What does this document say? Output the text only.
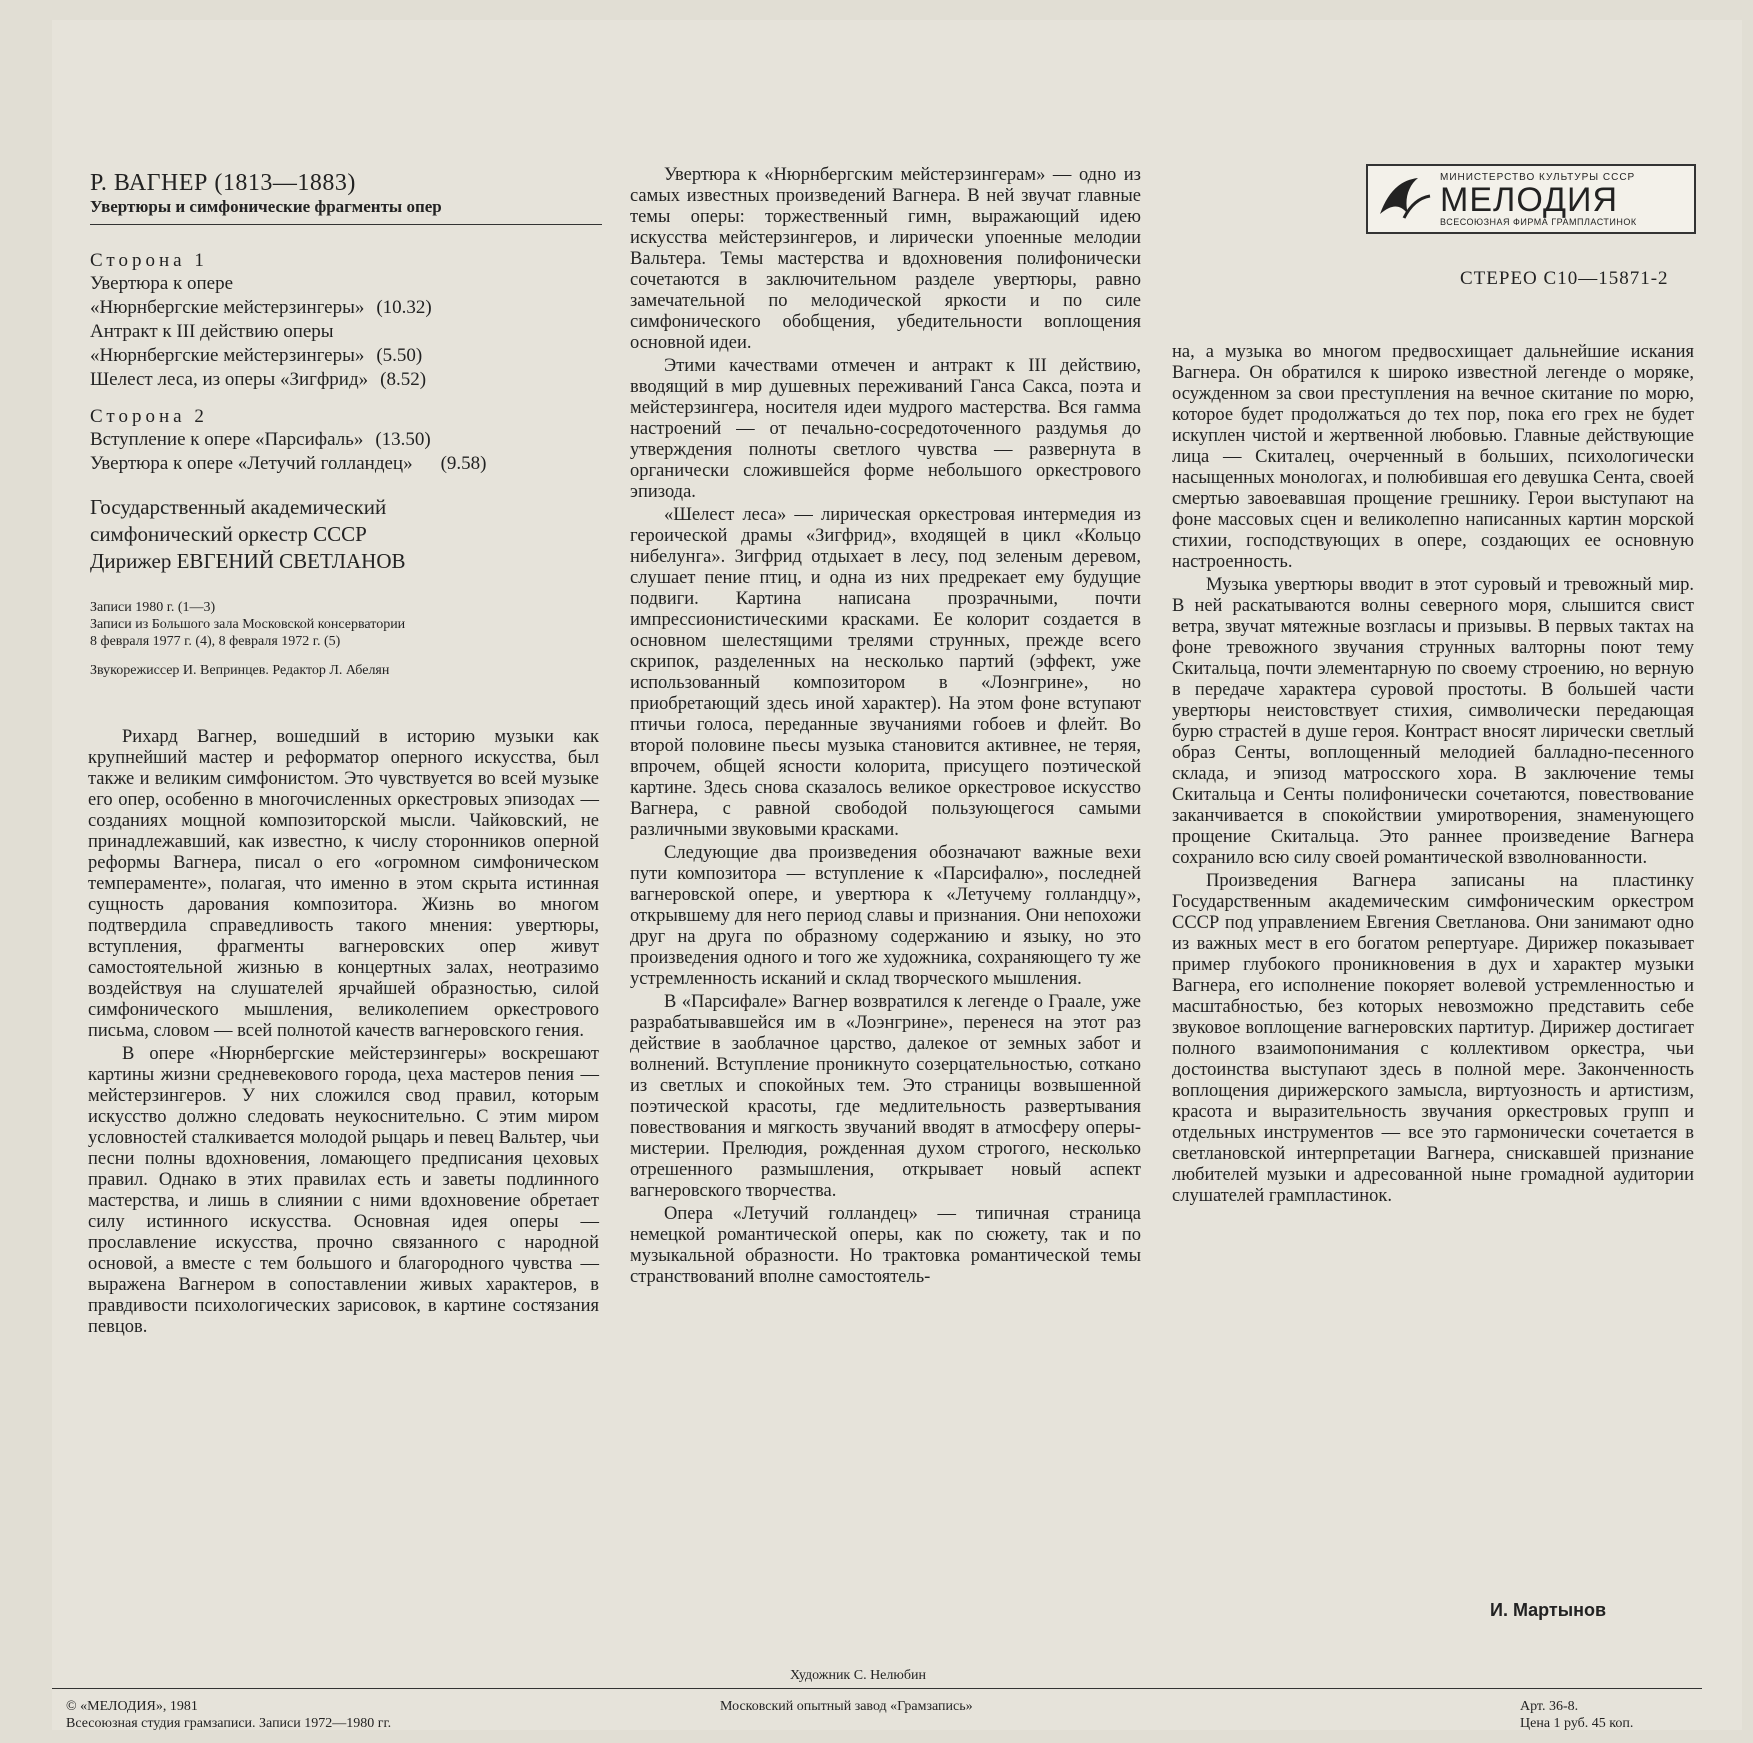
Р. ВАГНЕР (1813—1883)
Увертюры и симфонические фрагменты опер
Сторона 1
Увертюра к опере
«Нюрнбергские мейстерзингеры» (10.32)
Антракт к III действию оперы
«Нюрнбергские мейстерзингеры» (5.50)
Шелест леса, из оперы «Зигфрид» (8.52)
Сторона 2
Вступление к опере «Парсифаль» (13.50)
Увертюра к опере «Летучий голландец» (9.58)
Государственный академический
симфонический оркестр СССР
Дирижер ЕВГЕНИЙ СВЕТЛАНОВ
Записи 1980 г. (1—3)
Записи из Большого зала Московской консерватории
8 февраля 1977 г. (4), 8 февраля 1972 г. (5)
Звукорежиссер И. Вепринцев. Редактор Л. Абелян

Рихард Вагнер, вошедший в историю музыки как крупнейший мастер и реформатор оперного искусства, был также и великим симфонистом. Это чувствуется во всей музыке его опер, особенно в многочисленных оркестровых эпизодах — созданиях мощной композиторской мысли. Чайковский, не принадлежавший, как известно, к числу сторонников оперной реформы Вагнера, писал о его «огромном симфоническом темпераменте», полагая, что именно в этом скрыта истинная сущность дарования композитора. Жизнь во многом подтвердила справедливость такого мнения: увертюры, вступления, фрагменты вагнеровских опер живут самостоятельной жизнью в концертных залах, неотразимо воздействуя на слушателей ярчайшей образностью, силой симфонического мышления, великолепием оркестрового письма, словом — всей полнотой качеств вагнеровского гения.

В опере «Нюрнбергские мейстерзингеры» воскрешают картины жизни средневекового города, цеха мастеров пения — мейстерзингеров. У них сложился свод правил, которым искусство должно следовать неукоснительно. С этим миром условностей сталкивается молодой рыцарь и певец Вальтер, чьи песни полны вдохновения, ломающего предписания цеховых правил. Однако в этих правилах есть и заветы подлинного мастерства, и лишь в слиянии с ними вдохновение обретает силу истинного искусства. Основная идея оперы — прославление искусства, прочно связанного с народной основой, а вместе с тем большого и благородного чувства — выражена Вагнером в сопоставлении живых характеров, в правдивости психологических зарисовок, в картине состязания певцов.

Увертюра к «Нюрнбергским мейстерзингерам» — одно из самых известных произведений Вагнера. В ней звучат главные темы оперы: торжественный гимн, выражающий идею искусства мейстерзингеров, и лирически упоенные мелодии Вальтера. Темы мастерства и вдохновения полифонически сочетаются в заключительном разделе увертюры, равно замечательной по мелодической яркости и по силе симфонического обобщения, убедительности воплощения основной идеи.

Этими качествами отмечен и антракт к III действию, вводящий в мир душевных переживаний Ганса Сакса, поэта и мейстерзингера, носителя идеи мудрого мастерства. Вся гамма настроений — от печально-сосредоточенного раздумья до утверждения полноты светлого чувства — развернута в органически сложившейся форме небольшого оркестрового эпизода.

«Шелест леса» — лирическая оркестровая интермедия из героической драмы «Зигфрид», входящей в цикл «Кольцо нибелунга». Зигфрид отдыхает в лесу, под зеленым деревом, слушает пение птиц, и одна из них предрекает ему будущие подвиги. Картина написана прозрачными, почти импрессионистическими красками. Ее колорит создается в основном шелестящими трелями струнных, прежде всего скрипок, разделенных на несколько партий (эффект, уже использованный композитором в «Лоэнгрине», но приобретающий здесь иной характер). На этом фоне вступают птичьи голоса, переданные звучаниями гобоев и флейт. Во второй половине пьесы музыка становится активнее, не теряя, впрочем, общей ясности колорита, присущего поэтической картине. Здесь снова сказалось великое оркестровое искусство Вагнера, с равной свободой пользующегося самыми различными звуковыми красками.

Следующие два произведения обозначают важные вехи пути композитора — вступление к «Парсифалю», последней вагнеровской опере, и увертюра к «Летучему голландцу», открывшему для него период славы и признания. Они непохожи друг на друга по образному содержанию и языку, но это произведения одного и того же художника, сохраняющего ту же устремленность исканий и склад творческого мышления.

В «Парсифале» Вагнер возвратился к легенде о Граале, уже разрабатывавшейся им в «Лоэнгрине», перенеся на этот раз действие в заоблачное царство, далекое от земных забот и волнений. Вступление проникнуто созерцательностью, соткано из светлых и спокойных тем. Это страницы возвышенной поэтической красоты, где медлительность развертывания повествования и мягкость звучаний вводят в атмосферу оперы-мистерии. Прелюдия, рожденная духом строгого, несколько отрешенного размышления, открывает новый аспект вагнеровского творчества.

Опера «Летучий голландец» — типичная страница немецкой романтической оперы, как по сюжету, так и по музыкальной образности. Но трактовка романтической темы странствований вполне самостоятель-

МИНИСТЕРСТВО КУЛЬТУРЫ СССР
МЕЛОДИЯ
ВСЕСОЮЗНАЯ ФИРМА ГРАМПЛАСТИНОК
СТЕРЕО С10—15871-2

на, а музыка во многом предвосхищает дальнейшие искания Вагнера. Он обратился к широко известной легенде о моряке, осужденном за свои преступления на вечное скитание по морю, которое будет продолжаться до тех пор, пока его грех не будет искуплен чистой и жертвенной любовью. Главные действующие лица — Скиталец, очерченный в больших, психологически насыщенных монологах, и полюбившая его девушка Сента, своей смертью завоевавшая прощение грешнику. Герои выступают на фоне массовых сцен и великолепно написанных картин морской стихии, господствующих в опере, создающих ее основную настроенность.

Музыка увертюры вводит в этот суровый и тревожный мир. В ней раскатываются волны северного моря, слышится свист ветра, звучат мятежные возгласы и призывы. В первых тактах на фоне тревожного звучания струнных валторны поют тему Скитальца, почти элементарную по своему строению, но верную в передаче характера суровой простоты. В большей части увертюры неистовствует стихия, символически передающая бурю страстей в душе героя. Контраст вносят лирически светлый образ Сенты, воплощенный мелодией балладно-песенного склада, и эпизод матросского хора. В заключение темы Скитальца и Сенты полифонически сочетаются, повествование заканчивается в спокойствии умиротворения, знаменующего прощение Скитальца. Это раннее произведение Вагнера сохранило всю силу своей романтической взволнованности.

Произведения Вагнера записаны на пластинку Государственным академическим симфоническим оркестром СССР под управлением Евгения Светланова. Они занимают одно из важных мест в его богатом репертуаре. Дирижер показывает пример глубокого проникновения в дух и характер музыки Вагнера, его исполнение покоряет волевой устремленностью и масштабностью, без которых невозможно представить себе звуковое воплощение вагнеровских партитур. Дирижер достигает полного взаимопонимания с коллективом оркестра, чьи достоинства выступают здесь в полной мере. Законченность воплощения дирижерского замысла, виртуозность и артистизм, красота и выразительность звучания оркестровых групп и отдельных инструментов — все это гармонически сочетается в светлановской интерпретации Вагнера, снискавшей признание любителей музыки и адресованной ныне громадной аудитории слушателей грампластинок.

И. Мартынов
Художник С. Нелюбин
© «МЕЛОДИЯ», 1981
Всесоюзная студия грамзаписи. Записи 1972—1980 гг.
Московский опытный завод «Грамзапись»	Арт. 36-8.
Цена 1 руб. 45 коп.
